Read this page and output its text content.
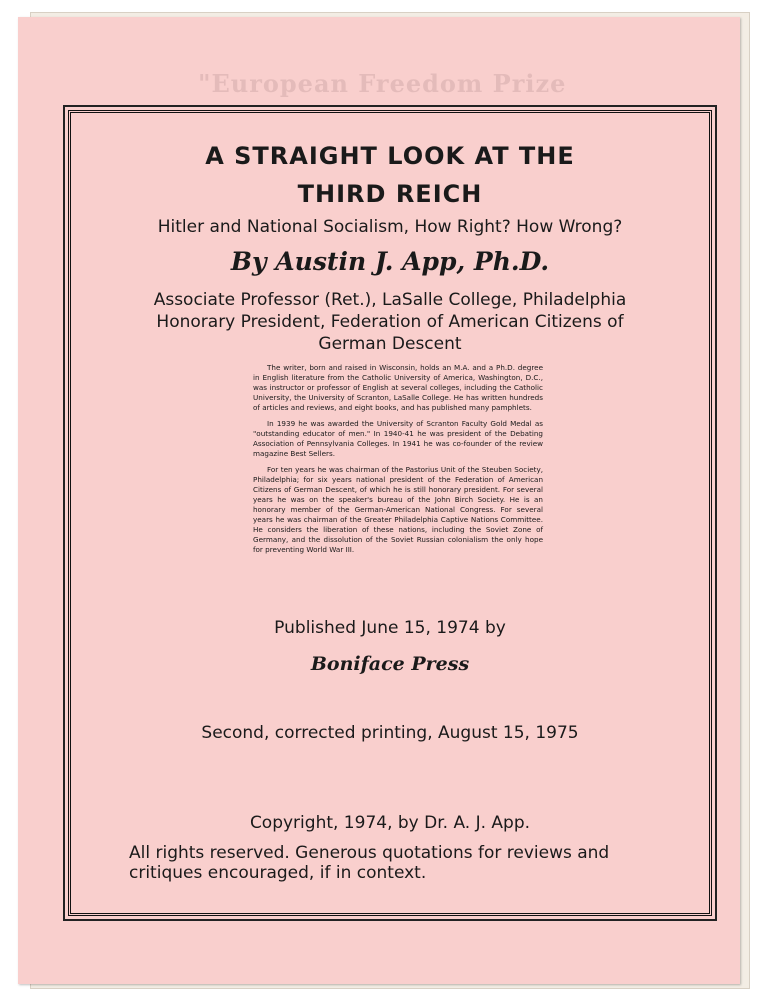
"European Freedom Prize
A STRAIGHT LOOK AT THE
THIRD REICH
Hitler and National Socialism, How Right? How Wrong?
By Austin J. App, Ph.D.
Associate Professor (Ret.), LaSalle College, Philadelphia
Honorary President, Federation of American Citizens of
German Descent

The writer, born and raised in Wisconsin, holds an M.A. and a Ph.D. degree in English literature from the Catholic University of America, Washington, D.C., was instructor or professor of English at several colleges, including the Catholic University, the University of Scranton, LaSalle College. He has written hundreds of articles and reviews, and eight books, and has published many pamphlets.

In 1939 he was awarded the University of Scranton Faculty Gold Medal as "outstanding educator of men." In 1940-41 he was president of the Debating Association of Pennsylvania Colleges. In 1941 he was co-founder of the review magazine Best Sellers.

For ten years he was chairman of the Pastorius Unit of the Steuben Society, Philadelphia; for six years national president of the Federation of American Citizens of German Descent, of which he is still honorary president. For several years he was on the speaker's bureau of the John Birch Society. He is an honorary member of the German-American National Congress. For several years he was chairman of the Greater Philadelphia Captive Nations Committee. He considers the liberation of these nations, including the Soviet Zone of Germany, and the dissolution of the Soviet Russian colonialism the only hope for preventing World War III.

Published June 15, 1974 by
Boniface Press
Second, corrected printing, August 15, 1975
Copyright, 1974, by Dr. A. J. App.
All rights reserved. Generous quotations for reviews and
critiques encouraged, if in context.
